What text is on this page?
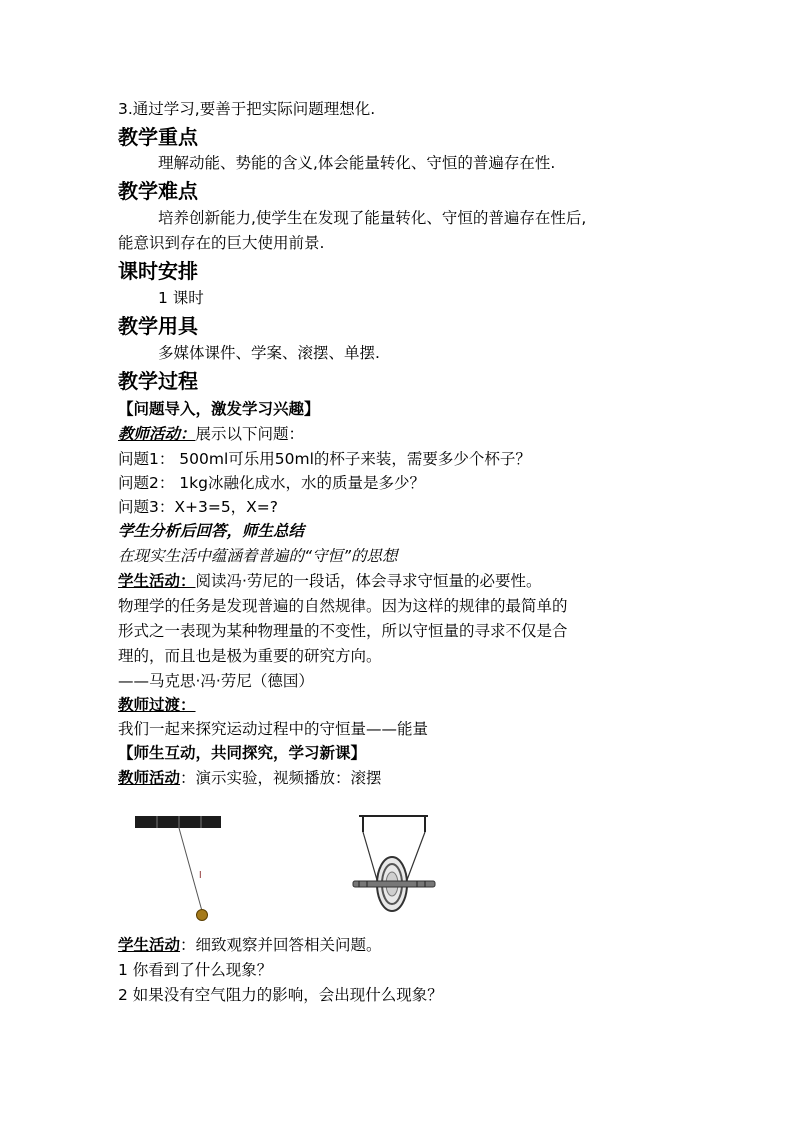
3.通过学习,要善于把实际问题理想化.
教学重点
理解动能、势能的含义,体会能量转化、守恒的普遍存在性.
教学难点
培养创新能力,使学生在发现了能量转化、守恒的普遍存在性后,
能意识到存在的巨大使用前景.
课时安排
1 课时
教学用具
多媒体课件、学案、滚摆、单摆.
教学过程
【问题导入，激发学习兴趣】
教师活动：展示以下问题：
问题1： 500ml可乐用50ml的杯子来装，需要多少个杯子？
问题2： 1kg冰融化成水，水的质量是多少？
问题3：X+3=5，X=?
学生分析后回答，师生总结
在现实生活中蕴涵着普遍的“守恒”的思想
学生活动：阅读冯·劳尼的一段话，体会寻求守恒量的必要性。
物理学的任务是发现普遍的自然规律。因为这样的规律的最简单的
形式之一表现为某种物理量的不变性，所以守恒量的寻求不仅是合
理的，而且也是极为重要的研究方向。
——马克思·冯·劳尼（德国）
教师过渡：
我们一起来探究运动过程中的守恒量——能量
【师生互动，共同探究，学习新课】
教师活动：演示实验，视频播放：滚摆
l
学生活动：细致观察并回答相关问题。
1 你看到了什么现象？
2 如果没有空气阻力的影响，会出现什么现象？
